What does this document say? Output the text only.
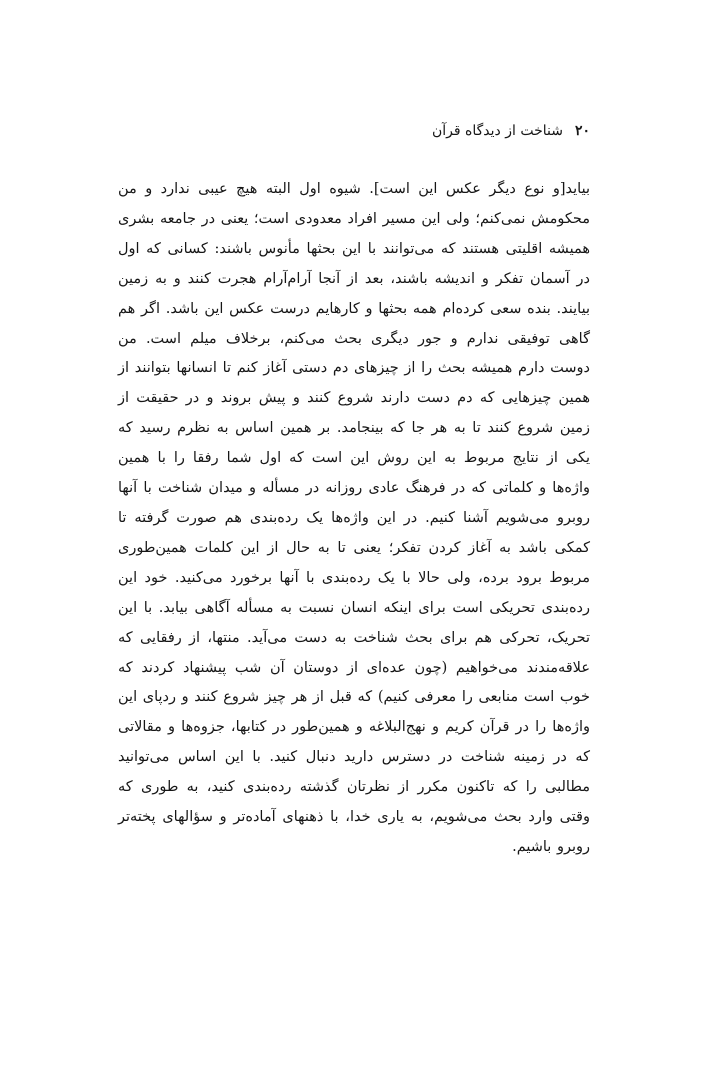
۲۰
شناخت از دیدگاه قرآن

بیاید[و نوع دیگر عکس این است]. شیوه اول البته هیچ عیبی ندارد و من محکومش نمی‌کنم؛ ولی این مسیر افراد معدودی است؛ یعنی در جامعه بشری همیشه اقلیتی هستند که می‌توانند با این بحثها مأنوس باشند: کسانی که اول در آسمان تفکر و اندیشه باشند، بعد از آنجا آرام‌آرام هجرت کنند و به زمین بیایند. بنده سعی کرده‌ام همه بحثها و کارهایم درست عکس این باشد. اگر هم گاهی توفیقی ندارم و جور دیگری بحث می‌کنم، برخلاف میلم است. من دوست دارم همیشه بحث را از چیزهای دم دستی آغاز کنم تا انسانها بتوانند از همین چیزهایی که دم دست دارند شروع کنند و پیش بروند و در حقیقت از زمین شروع کنند تا به هر جا که بینجامد. بر همین اساس به نظرم رسید که یکی از نتایج مربوط به این روش این است که اول شما رفقا را با همین واژه‌ها و کلماتی که در فرهنگ عادی روزانه در مسأله و میدان شناخت با آنها روبرو می‌شویم آشنا کنیم. در این واژه‌ها یک رده‌بندی هم صورت گرفته تا کمکی باشد به آغاز کردن تفکر؛ یعنی تا به حال از این کلمات همین‌طوری مربوط برود برده، ولی حالا با یک رده‌بندی با آنها برخورد می‌کنید. خود این رده‌بندی تحریکی است برای اینکه انسان نسبت به مسأله آگاهی بیابد. با این تحریک، تحرکی هم برای بحث شناخت به دست می‌آید. منتها، از رفقایی که علاقه‌مندند می‌خواهیم (چون عده‌ای از دوستان آن شب پیشنهاد کردند که خوب است منابعی را معرفی کنیم) که قبل از هر چیز شروع کنند و ردپای این واژه‌ها را در قرآن کریم و نهج‌البلاغه و همین‌طور در کتابها، جزوه‌ها و مقالاتی که در زمینه شناخت در دسترس دارید دنبال کنید. با این اساس می‌توانید مطالبی را که تاکنون مکرر از نظرتان گذشته رده‌بندی کنید، به طوری که وقتی وارد بحث می‌شویم، به یاری خدا، با ذهنهای آماده‌تر و سؤالهای پخته‌تر روبرو باشیم.
